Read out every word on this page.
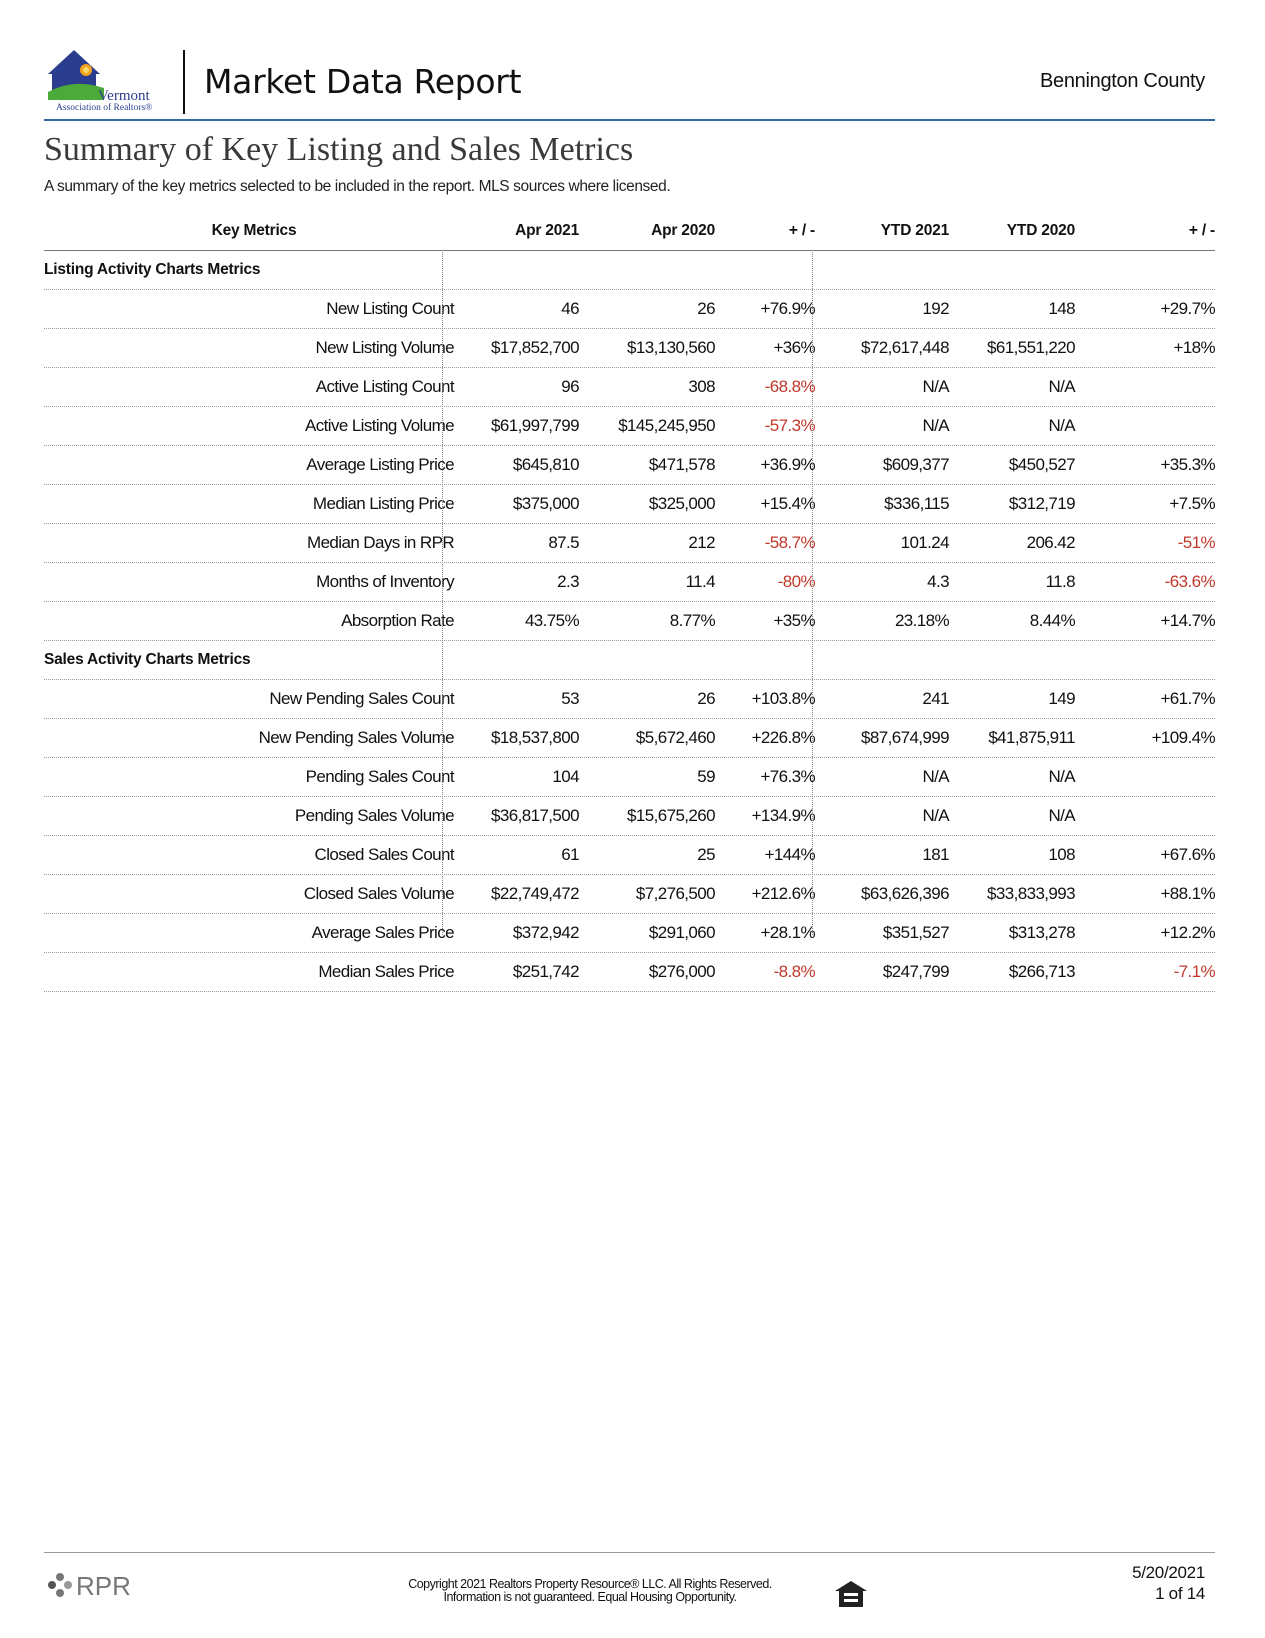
Vermont
Association of Realtors®
Market Data Report	Bennington County
Summary of Key Listing and Sales Metrics
A summary of the key metrics selected to be included in the report. MLS sources where licensed.
Key Metrics	Apr 2021	Apr 2020	+ / -	YTD 2021	YTD 2020	+ / -
Listing Activity Charts Metrics
New Listing Count	46	26	+76.9%	192	148	+29.7%
New Listing Volume	$17,852,700	$13,130,560	+36%	$72,617,448	$61,551,220	+18%
Active Listing Count	96	308	-68.8%	N/A	N/A
Active Listing Volume	$61,997,799	$145,245,950	-57.3%	N/A	N/A
Average Listing Price	$645,810	$471,578	+36.9%	$609,377	$450,527	+35.3%
Median Listing Price	$375,000	$325,000	+15.4%	$336,115	$312,719	+7.5%
Median Days in RPR	87.5	212	-58.7%	101.24	206.42	-51%
Months of Inventory	2.3	11.4	-80%	4.3	11.8	-63.6%
Absorption Rate	43.75%	8.77%	+35%	23.18%	8.44%	+14.7%
Sales Activity Charts Metrics
New Pending Sales Count	53	26	+103.8%	241	149	+61.7%
New Pending Sales Volume	$18,537,800	$5,672,460	+226.8%	$87,674,999	$41,875,911	+109.4%
Pending Sales Count	104	59	+76.3%	N/A	N/A
Pending Sales Volume	$36,817,500	$15,675,260	+134.9%	N/A	N/A
Closed Sales Count	61	25	+144%	181	108	+67.6%
Closed Sales Volume	$22,749,472	$7,276,500	+212.6%	$63,626,396	$33,833,993	+88.1%
Average Sales Price	$372,942	$291,060	+28.1%	$351,527	$313,278	+12.2%
Median Sales Price	$251,742	$276,000	-8.8%	$247,799	$266,713	-7.1%
RPR	Copyright 2021 Realtors Property Resource® LLC. All Rights Reserved.
Information is not guaranteed. Equal Housing Opportunity.
5/20/2021
1 of 14
